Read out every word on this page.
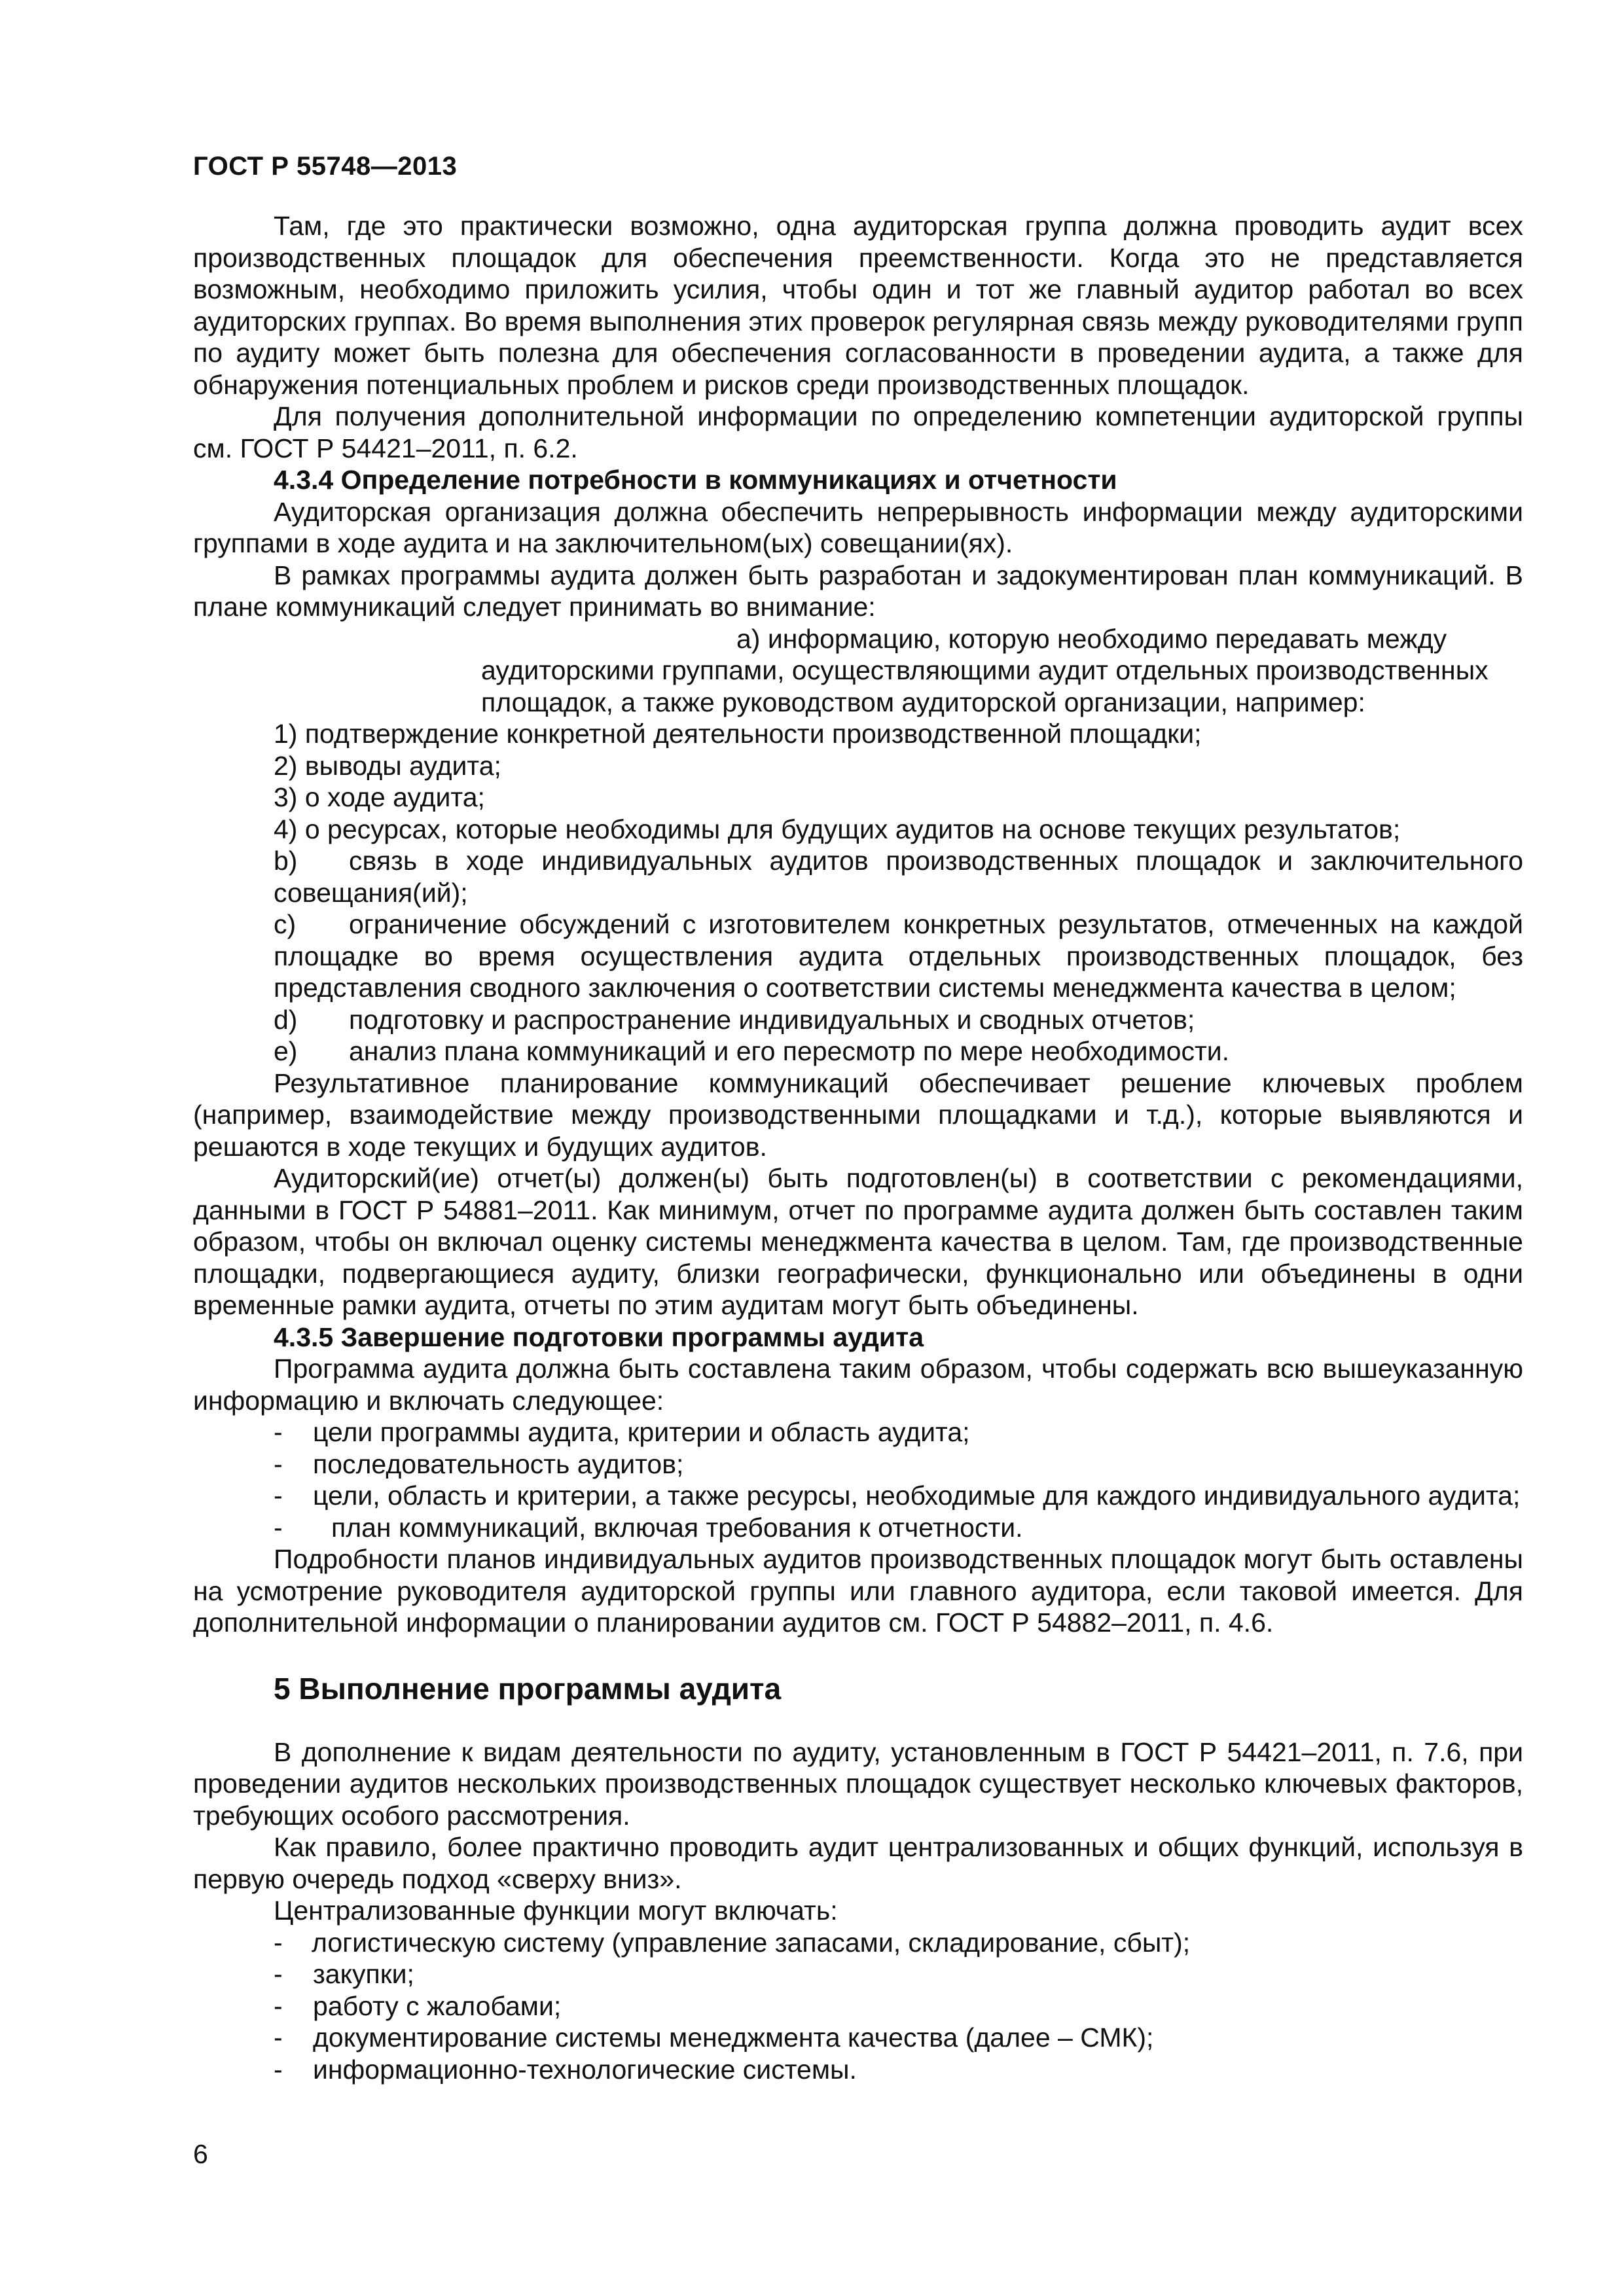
ГОСТ Р 55748—2013

Там, где это практически возможно, одна аудиторская группа должна проводить аудит всех производственных площадок для обеспечения преемственности. Когда это не представляется возможным, необходимо приложить усилия, чтобы один и тот же главный аудитор работал во всех аудиторских группах. Во время выполнения этих проверок регулярная связь между руководителями групп по аудиту может быть полезна для обеспечения согласованности в проведении аудита, а также для обнаружения потенциальных проблем и рисков среди производственных площадок.

Для получения дополнительной информации по определению компетенции аудиторской группы см. ГОСТ Р 54421–2011, п. 6.2.

4.3.4 Определение потребности в коммуникациях и отчетности

Аудиторская организация должна обеспечить непрерывность информации между аудиторскими группами в ходе аудита и на заключительном(ых) совещании(ях).

В рамках программы аудита должен быть разработан и задокументирован план коммуникаций. В плане коммуникаций следует принимать во внимание:

а) информацию, которую необходимо передавать между аудиторскими группами, осуществляющими аудит отдельных производственных площадок, а также руководством аудиторской организации, например:

1) подтверждение конкретной деятельности производственной площадки;

2) выводы аудита;

3) о ходе аудита;

4) о ресурсах, которые необходимы для будущих аудитов на основе текущих результатов;

b) связь в ходе индивидуальных аудитов производственных площадок и заключительного совещания(ий);

c) ограничение обсуждений с изготовителем конкретных результатов, отмеченных на каждой площадке во время осуществления аудита отдельных производственных площадок, без представления сводного заключения о соответствии системы менеджмента качества в целом;

d) подготовку и распространение индивидуальных и сводных отчетов;

e) анализ плана коммуникаций и его пересмотр по мере необходимости.

Результативное планирование коммуникаций обеспечивает решение ключевых проблем (например, взаимодействие между производственными площадками и т.д.), которые выявляются и решаются в ходе текущих и будущих аудитов.

Аудиторский(ие) отчет(ы) должен(ы) быть подготовлен(ы) в соответствии с рекомендациями, данными в ГОСТ Р 54881–2011. Как минимум, отчет по программе аудита должен быть составлен таким образом, чтобы он включал оценку системы менеджмента качества в целом. Там, где производственные площадки, подвергающиеся аудиту, близки географически, функционально или объединены в одни временные рамки аудита, отчеты по этим аудитам могут быть объединены.

4.3.5 Завершение подготовки программы аудита

Программа аудита должна быть составлена таким образом, чтобы содержать всю вышеуказанную информацию и включать следующее:

- цели программы аудита, критерии и область аудита;

- последовательность аудитов;

- цели, область и критерии, а также ресурсы, необходимые для каждого индивидуального аудита;

- план коммуникаций, включая требования к отчетности.

Подробности планов индивидуальных аудитов производственных площадок могут быть оставлены на усмотрение руководителя аудиторской группы или главного аудитора, если таковой имеется. Для дополнительной информации о планировании аудитов см. ГОСТ Р 54882–2011, п. 4.6.

5 Выполнение программы аудита

В дополнение к видам деятельности по аудиту, установленным в ГОСТ Р 54421–2011, п. 7.6, при проведении аудитов нескольких производственных площадок существует несколько ключевых факторов, требующих особого рассмотрения.

Как правило, более практично проводить аудит централизованных и общих функций, используя в первую очередь подход «сверху вниз».

Централизованные функции могут включать:

- логистическую систему (управление запасами, складирование, сбыт);

- закупки;

- работу с жалобами;

- документирование системы менеджмента качества (далее – СМК);

- информационно-технологические системы.

6
